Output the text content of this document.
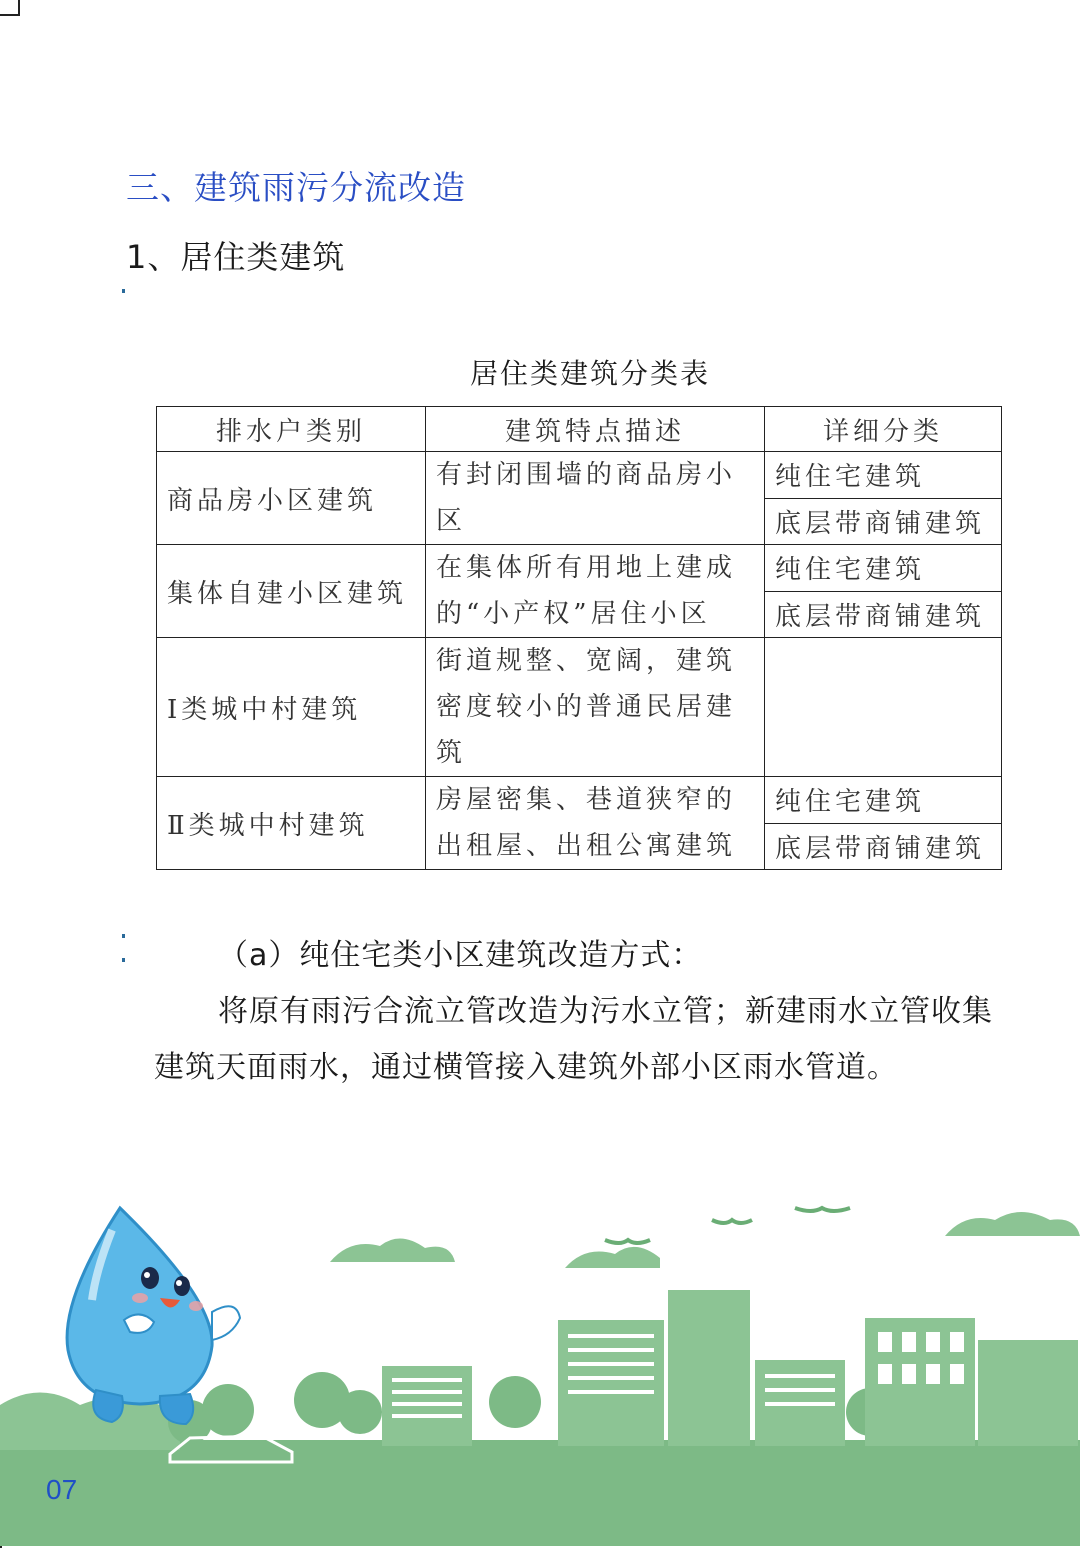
三、建筑雨污分流改造
1、居住类建筑
居住类建筑分类表
排水户类别	建筑特点描述	详细分类
商品房小区建筑	有封闭围墙的商品房小区	纯住宅建筑
		底层带商铺建筑
集体自建小区建筑	在集体所有用地上建成的“小产权”居住小区	纯住宅建筑
		底层带商铺建筑
Ⅰ类城中村建筑	街道规整、宽阔，建筑密度较小的普通民居建筑	
Ⅱ类城中村建筑	房屋密集、巷道狭窄的出租屋、出租公寓建筑	纯住宅建筑
		底层带商铺建筑
（a）纯住宅类小区建筑改造方式：
将原有雨污合流立管改造为污水立管；新建雨水立管收集建筑天面雨水，通过横管接入建筑外部小区雨水管道。
07
